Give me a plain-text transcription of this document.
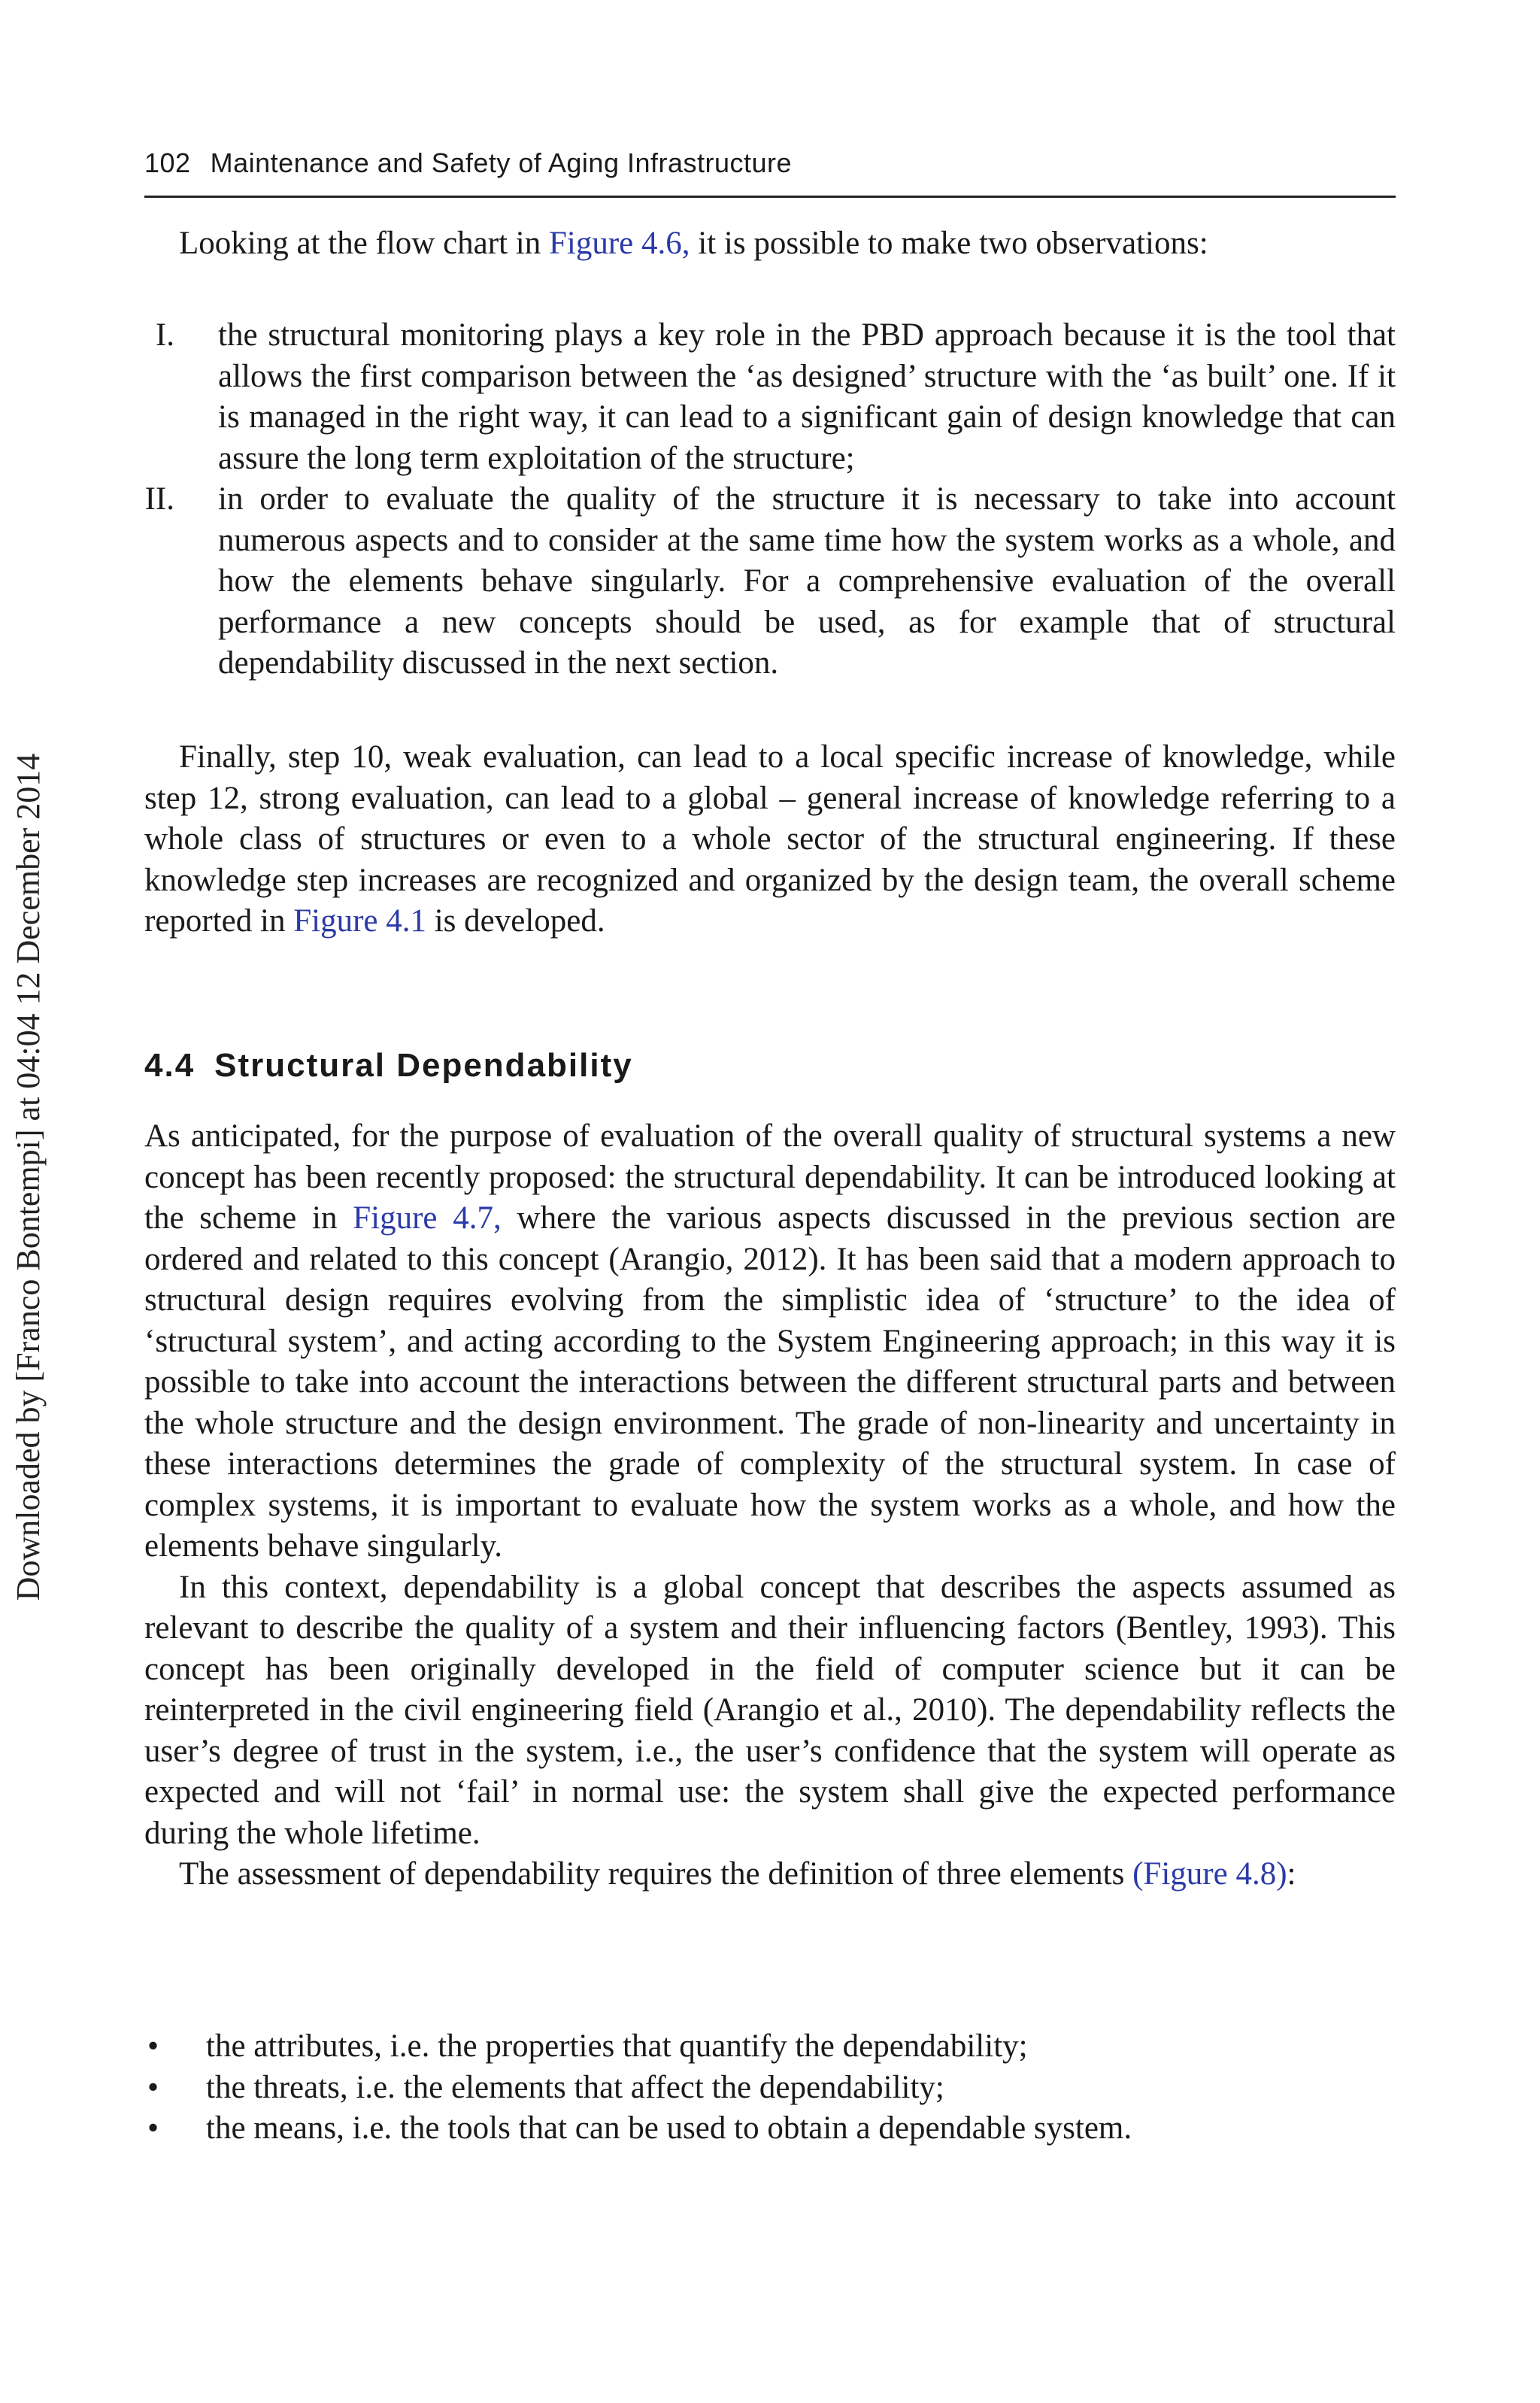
102 Maintenance and Safety of Aging Infrastructure
Downloaded by [Franco Bontempi] at 04:04 12 December 2014

Looking at the flow chart in Figure 4.6, it is possible to make two observations:

I. the structural monitoring plays a key role in the PBD approach because it is the tool that allows the first comparison between the ‘as designed’ structure with the ‘as built’ one. If it is managed in the right way, it can lead to a significant gain of design knowledge that can assure the long term exploitation of the structure;
II. in order to evaluate the quality of the structure it is necessary to take into account numerous aspects and to consider at the same time how the system works as a whole, and how the elements behave singularly. For a comprehensive evaluation of the overall performance a new concepts should be used, as for example that of structural dependability discussed in the next section.

Finally, step 10, weak evaluation, can lead to a local specific increase of knowledge, while step 12, strong evaluation, can lead to a global – general increase of knowledge referring to a whole class of structures or even to a whole sector of the structural engineering. If these knowledge step increases are recognized and organized by the design team, the overall scheme reported in Figure 4.1 is developed.

4.4 Structural Dependability

As anticipated, for the purpose of evaluation of the overall quality of structural systems a new concept has been recently proposed: the structural dependability. It can be introduced looking at the scheme in Figure 4.7, where the various aspects discussed in the previous section are ordered and related to this concept (Arangio, 2012). It has been said that a modern approach to structural design requires evolving from the simplistic idea of ‘structure’ to the idea of ‘structural system’, and acting according to the System Engineering approach; in this way it is possible to take into account the interactions between the different structural parts and between the whole structure and the design environment. The grade of non-linearity and uncertainty in these interactions determines the grade of complexity of the structural system. In case of complex systems, it is important to evaluate how the system works as a whole, and how the elements behave singularly.

In this context, dependability is a global concept that describes the aspects assumed as relevant to describe the quality of a system and their influencing factors (Bentley, 1993). This concept has been originally developed in the field of computer science but it can be reinterpreted in the civil engineering field (Arangio et al., 2010). The dependability reflects the user’s degree of trust in the system, i.e., the user’s confidence that the system will operate as expected and will not ‘fail’ in normal use: the system shall give the expected performance during the whole lifetime.

The assessment of dependability requires the definition of three elements (Figure 4.8):

• the attributes, i.e. the properties that quantify the dependability;
• the threats, i.e. the elements that affect the dependability;
• the means, i.e. the tools that can be used to obtain a dependable system.
